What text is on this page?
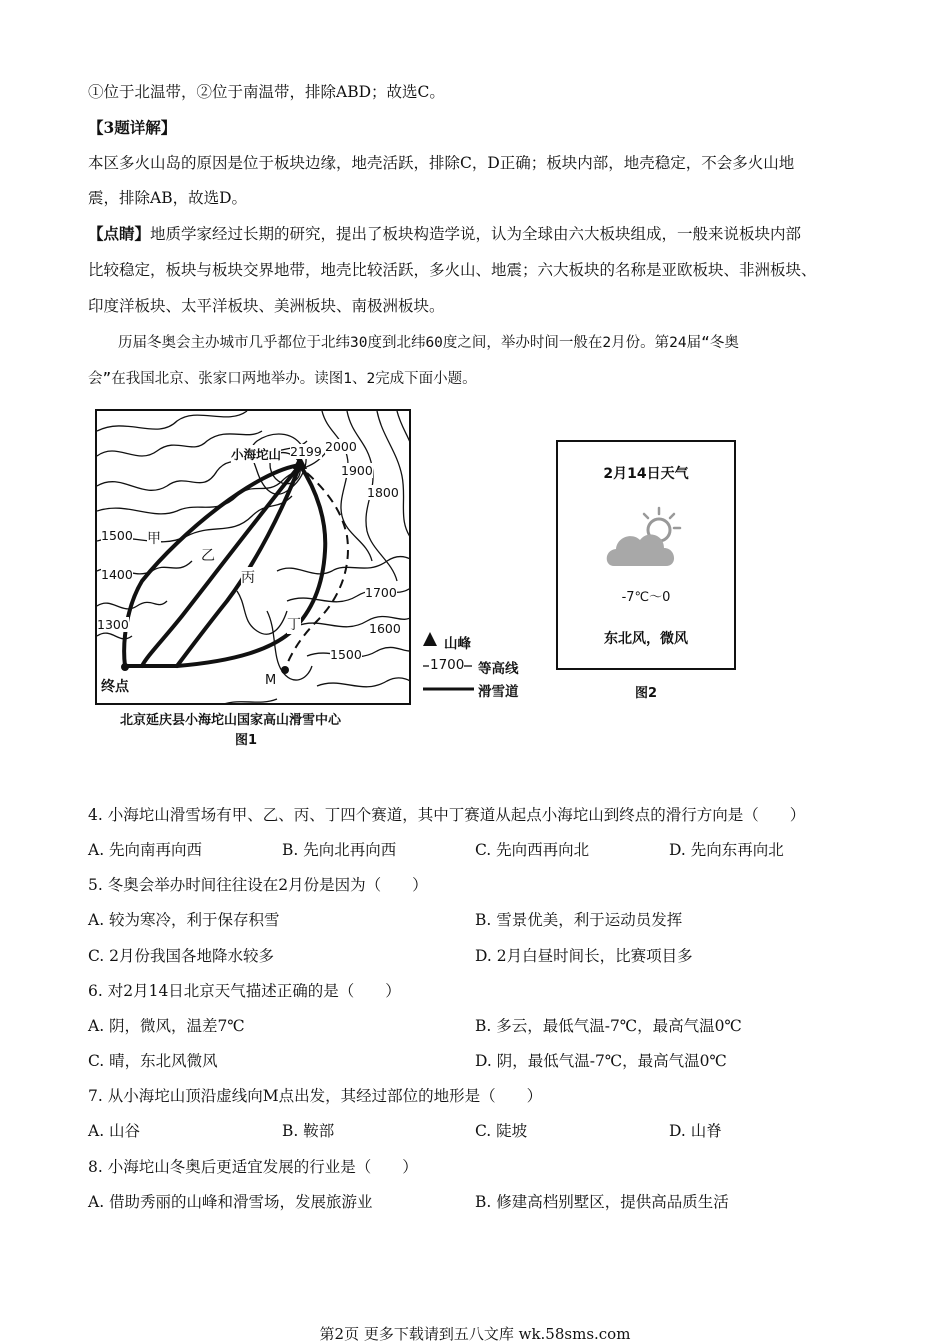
①位于北温带，②位于南温带，排除ABD；故选C。
【3题详解】
本区多火山岛的原因是位于板块边缘，地壳活跃，排除C，D正确；板块内部，地壳稳定，不会多火山地
震，排除AB，故选D。
【点睛】地质学家经过长期的研究，提出了板块构造学说，认为全球由六大板块组成，一般来说板块内部
比较稳定，板块与板块交界地带，地壳比较活跃，多火山、地震；六大板块的名称是亚欧板块、非洲板块、
印度洋板块、太平洋板块、美洲板块、南极洲板块。
历届冬奥会主办城市几乎都位于北纬30度到北纬60度之间，举办时间一般在2月份。第24届“冬奥
会”在我国北京、张家口两地举办。读图1、2完成下面小题。
小海坨山 2199 2000
1900
1800
1700
1600
1500
1500
1400
1300
甲
乙
丙
丁
M
终点
北京延庆县小海坨山国家高山滑雪中心
图1
山峰
1700 等高线
滑雪道
2月14日天气
-7℃～0
东北风，微风
图2
4. 小海坨山滑雪场有甲、乙、丙、丁四个赛道，其中丁赛道从起点小海坨山到终点的滑行方向是（　　）
A. 先向南再向西	B. 先向北再向西	C. 先向西再向北	D. 先向东再向北
5. 冬奥会举办时间往往设在2月份是因为（　　）
A. 较为寒冷，利于保存积雪	B. 雪景优美，利于运动员发挥
C. 2月份我国各地降水较多	D. 2月白昼时间长，比赛项目多
6. 对2月14日北京天气描述正确的是（　　）
A. 阴，微风，温差7℃	B. 多云，最低气温-7℃，最高气温0℃
C. 晴，东北风微风	D. 阴，最低气温-7℃，最高气温0℃
7. 从小海坨山顶沿虚线向M点出发，其经过部位的地形是（　　）
A. 山谷	B. 鞍部	C. 陡坡	D. 山脊
8. 小海坨山冬奥后更适宜发展的行业是（　　）
A. 借助秀丽的山峰和滑雪场，发展旅游业	B. 修建高档别墅区，提供高品质生活
第2页 更多下载请到五八文库 wk.58sms.com
